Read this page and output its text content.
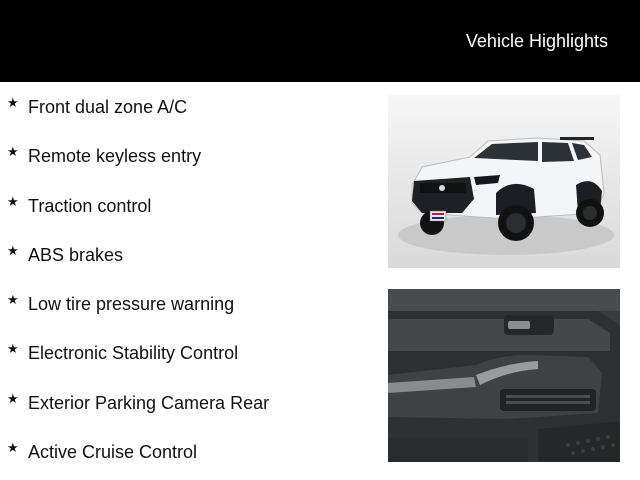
Vehicle Highlights
★ Front dual zone A/C
★ Remote keyless entry
★ Traction control
★ ABS brakes
★ Low tire pressure warning
★ Electronic Stability Control
★ Exterior Parking Camera Rear
★ Active Cruise Control
